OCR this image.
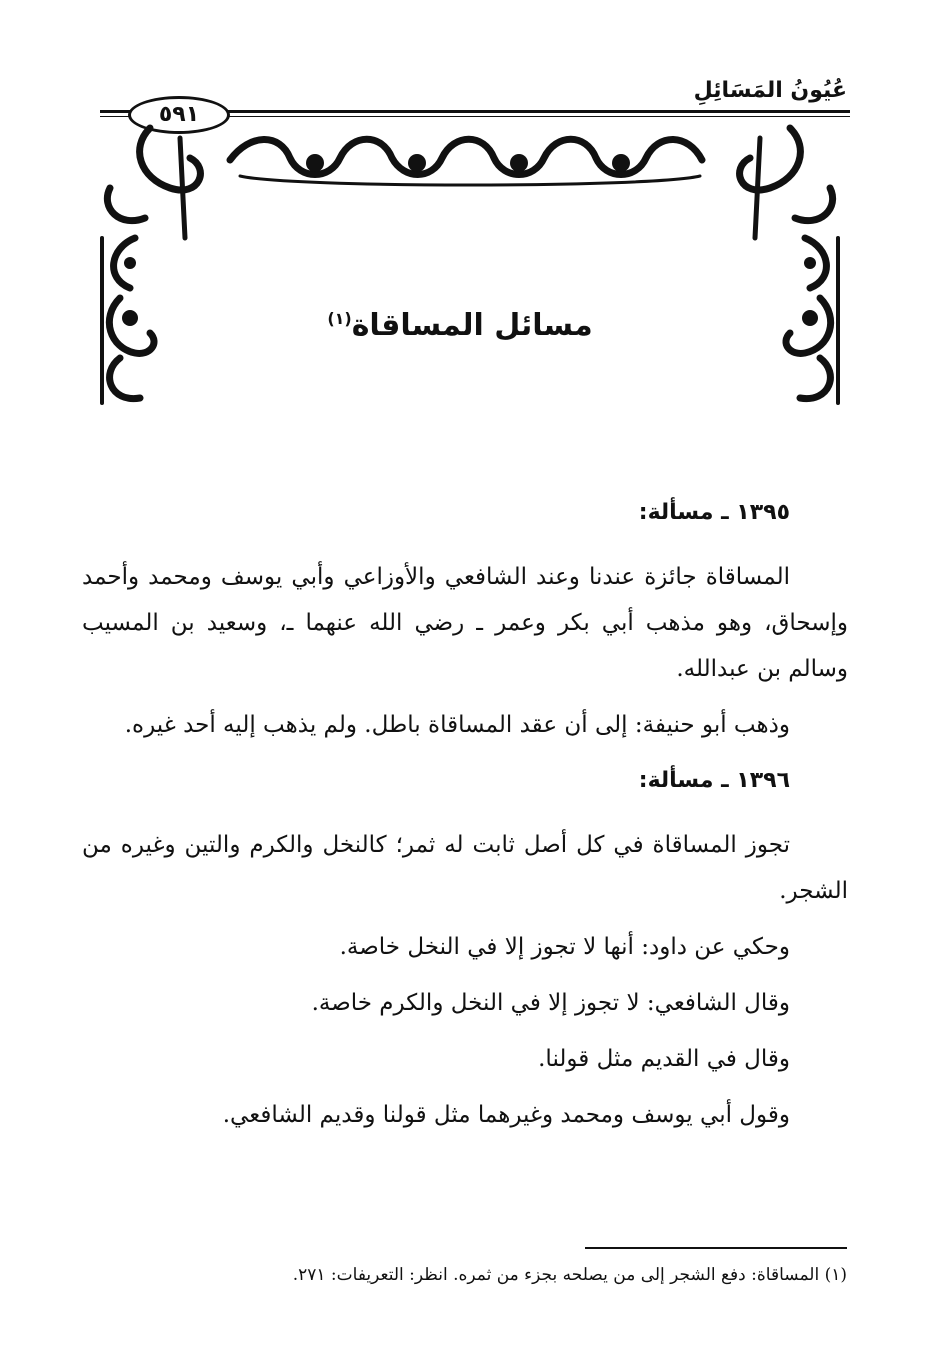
عُيُونُ المَسَائِلِ
٥٩١
مسائل المساقاة$^{(١)}$

١٣٩٥ ـ مسألة:

المساقاة جائزة عندنا وعند الشافعي والأوزاعي وأبي يوسف ومحمد وأحمد وإسحاق، وهو مذهب أبي بكر وعمر ـ رضي الله عنهما ـ، وسعيد بن المسيب وسالم بن عبدالله.

وذهب أبو حنيفة: إلى أن عقد المساقاة باطل. ولم يذهب إليه أحد غيره.

١٣٩٦ ـ مسألة:

تجوز المساقاة في كل أصل ثابت له ثمر؛ كالنخل والكرم والتين وغيره من الشجر.

وحكي عن داود: أنها لا تجوز إلا في النخل خاصة.

وقال الشافعي: لا تجوز إلا في النخل والكرم خاصة.

وقال في القديم مثل قولنا.

وقول أبي يوسف ومحمد وغيرهما مثل قولنا وقديم الشافعي.

(١) المساقاة: دفع الشجر إلى من يصلحه بجزء من ثمره. انظر: التعريفات: ٢٧١.
